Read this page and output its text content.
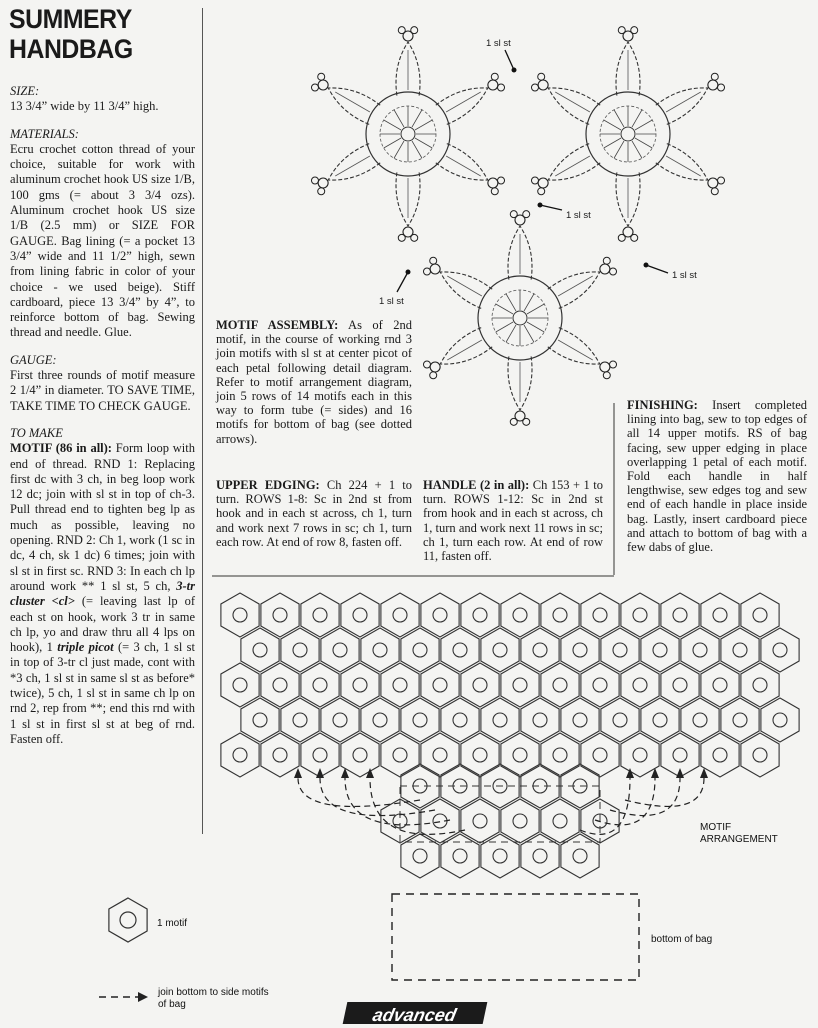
SUMMERY HANDBAG
SIZE:
13 3/4” wide by 11 3/4” high.
MATERIALS:
Ecru crochet cotton thread of your choice, suitable for work with aluminum crochet hook US size 1/B, 100 gms (= about 3 3/4 ozs). Aluminum crochet hook US size 1/B (2.5 mm) or SIZE FOR GAUGE. Bag lining (= a pocket 13 3/4” wide and 11 1/2” high, sewn from lining fabric in color of your choice - we used beige). Stiff cardboard, piece 13 3/4” by 4”, to reinforce bottom of bag. Sewing thread and needle. Glue.
GAUGE:
First three rounds of motif measure 2 1/4” in diameter. TO SAVE TIME, TAKE TIME TO CHECK GAUGE.
TO MAKE
MOTIF (86 in all): Form loop with end of thread. RND 1: Replacing first dc with 3 ch, in beg loop work 12 dc; join with sl st in top of ch-3. Pull thread end to tighten beg lp as much as possible, leaving no opening. RND 2: Ch 1, work (1 sc in dc, 4 ch, sk 1 dc) 6 times; join with sl st in first sc. RND 3: In each ch lp around work ** 1 sl st, 5 ch, 3-tr cluster <cl> (= leaving last lp of each st on hook, work 3 tr in same ch lp, yo and draw thru all 4 lps on hook), 1 triple picot (= 3 ch, 1 sl st in top of 3-tr cl just made, cont with *3 ch, 1 sl st in same sl st as before* twice), 5 ch, 1 sl st in same ch lp on rnd 2, rep from **; end this rnd with 1 sl st in first sl st at beg of rnd. Fasten off.
MOTIF ASSEMBLY: As of 2nd motif, in the course of working rnd 3 join motifs with sl st at center picot of each petal following detail diagram. Refer to motif arrangement diagram, join 5 rows of 14 motifs each in this way to form tube (= sides) and 16 motifs for bottom of bag (see dotted arrows).
UPPER EDGING: Ch 224 + 1 to turn. ROWS 1-8: Sc in 2nd st from hook and in each st across, ch 1, turn and work next 7 rows in sc; ch 1, turn each row. At end of row 8, fasten off.
HANDLE (2 in all): Ch 153 + 1 to turn. ROWS 1-12: Sc in 2nd st from hook and in each st across, ch 1, turn and work next 11 rows in sc; ch 1, turn each row. At end of row 11, fasten off.
FINISHING: Insert completed lining into bag, sew to top edges of all 14 upper motifs. RS of bag facing, sew upper edging in place overlapping 1 petal of each motif. Fold each handle in half lengthwise, sew edges tog and sew end of each handle in place inside bag. Lastly, insert cardboard piece and attach to bottom of bag with a few dabs of glue.
1 sl st
1 sl st
1 sl st
1 sl st
MOTIF ARRANGEMENT
1 motif
bottom of bag
join bottom to side motifs of bag
advanced
